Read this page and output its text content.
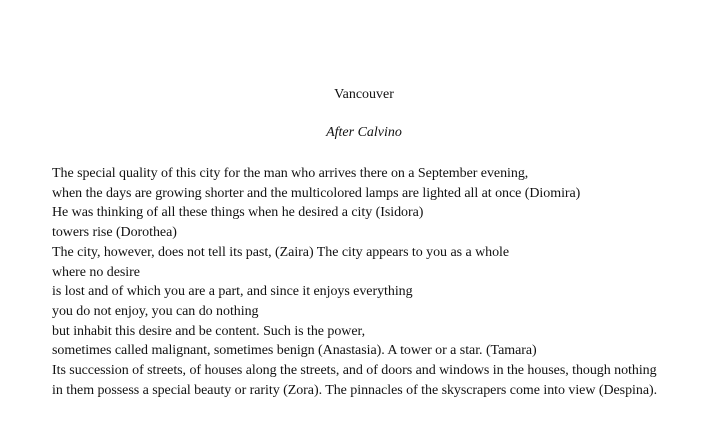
Vancouver

After Calvino

The special quality of this city for the man who arrives there on a September evening,
when the days are growing shorter and the multicolored lamps are lighted all at once (Diomira)
He was thinking of all these things when he desired a city (Isidora)
towers rise (Dorothea)
The city, however, does not tell its past, (Zaira) The city appears to you as a whole
where no desire
is lost and of which you are a part, and since it enjoys everything
you do not enjoy, you can do nothing
but inhabit this desire and be content. Such is the power,
sometimes called malignant, sometimes benign (Anastasia). A tower or a star. (Tamara)
Its succession of streets, of houses along the streets, and of doors and windows in the houses, though nothing
in them possess a special beauty or rarity (Zora). The pinnacles of the skyscrapers come into view (Despina).
